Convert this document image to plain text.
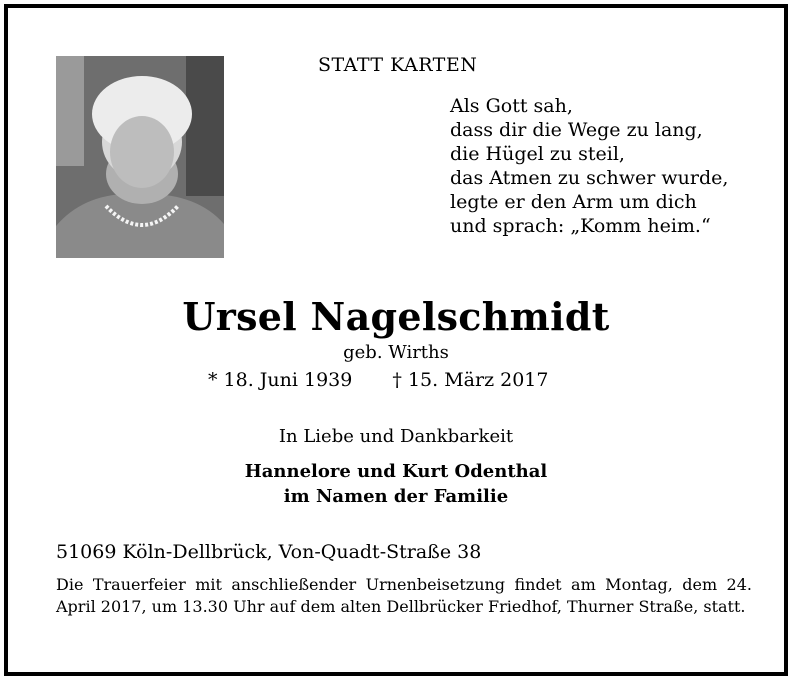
STATT KARTEN
Als Gott sah,
dass dir die Wege zu lang,
die Hügel zu steil,
das Atmen zu schwer wurde,
legte er den Arm um dich
und sprach: „Komm heim.“
Ursel Nagelschmidt
geb. Wirths
* 18. Juni 1939 † 15. März 2017
In Liebe und Dankbarkeit
Hannelore und Kurt Odenthal
im Namen der Familie
51069 Köln-Dellbrück, Von-Quadt-Straße 38
Die Trauerfeier mit anschließender Urnenbeisetzung findet am Montag, dem 24. April 2017, um 13.30 Uhr auf dem alten Dellbrücker Friedhof, Thurner Straße, statt.
